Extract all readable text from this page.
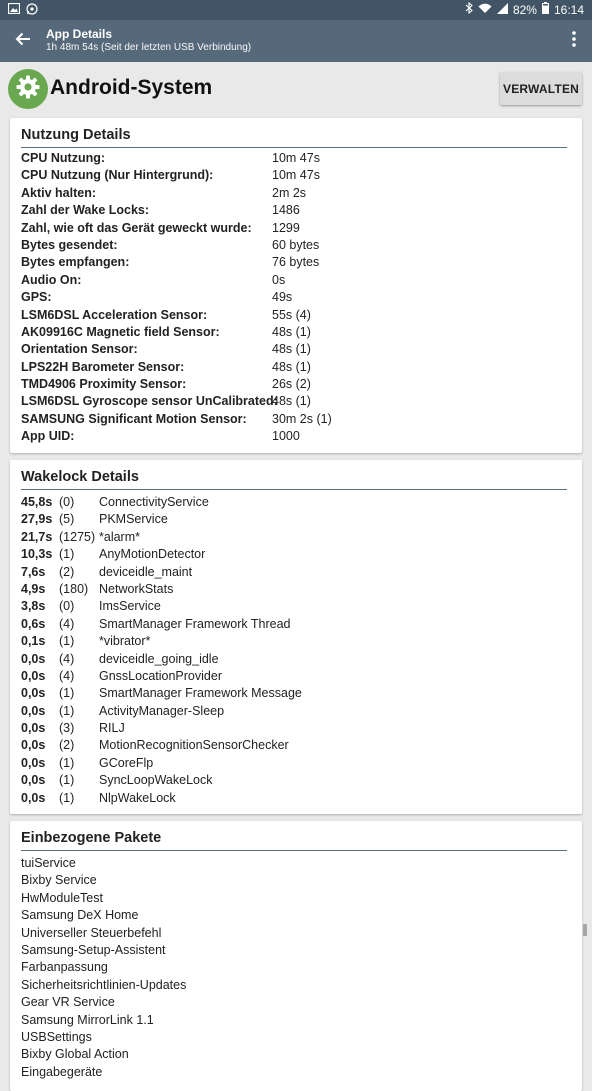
82% 16:14
App Details
1h 48m 54s (Seit der letzten USB Verbindung)
Android-System	VERWALTEN
Nutzung Details
CPU Nutzung:	10m 47s
CPU Nutzung (Nur Hintergrund):	10m 47s
Aktiv halten:	2m 2s
Zahl der Wake Locks:	1486
Zahl, wie oft das Gerät geweckt wurde:	1299
Bytes gesendet:	60 bytes
Bytes empfangen:	76 bytes
Audio On:	0s
GPS:	49s
LSM6DSL Acceleration Sensor:	55s (4)
AK09916C Magnetic field Sensor:	48s (1)
Orientation Sensor:	48s (1)
LPS22H Barometer Sensor:	48s (1)
TMD4906 Proximity Sensor:	26s (2)
LSM6DSL Gyroscope sensor UnCalibrated:
48s (1)
SAMSUNG Significant Motion Sensor:	30m 2s (1)
App UID:	1000
Wakelock Details
45,8s (0)	ConnectivityService
27,9s (5)	PKMService
21,7s (1275) *alarm*
10,3s (1)	AnyMotionDetector
7,6s	(2)	deviceidle_maint
4,9s	(180) NetworkStats
3,8s	(0)	ImsService
0,6s	(4)	SmartManager Framework Thread
0,1s	(1)	*vibrator*
0,0s	(4)	deviceidle_going_idle
0,0s	(4)	GnssLocationProvider
0,0s	(1)	SmartManager Framework Message
0,0s	(1)	ActivityManager-Sleep
0,0s	(3)	RILJ
0,0s	(2)	MotionRecognitionSensorChecker
0,0s	(1)	GCoreFlp
0,0s	(1)	SyncLoopWakeLock
0,0s	(1)	NlpWakeLock
Einbezogene Pakete
tuiService
Bixby Service
HwModuleTest
Samsung DeX Home
Universeller Steuerbefehl
Samsung-Setup-Assistent
Farbanpassung
Sicherheitsrichtlinien-Updates
Gear VR Service
Samsung MirrorLink 1.1
USBSettings
Bixby Global Action
Eingabegeräte
